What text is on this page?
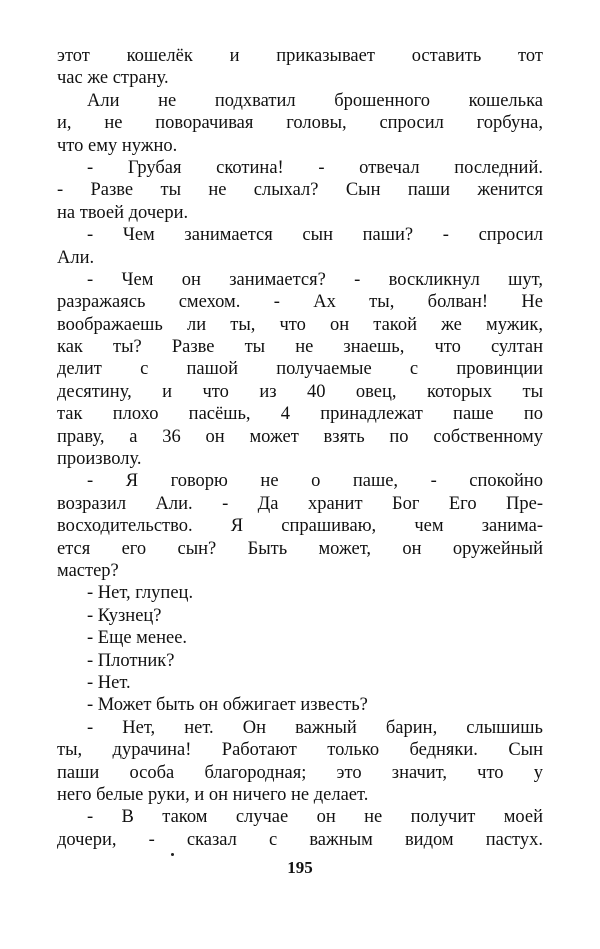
этот кошелёк и приказывает оставить тот
час же страну.
Али не подхватил брошенного кошелька
и, не поворачивая головы, спросил горбуна,
что ему нужно.
- Грубая скотина! - отвечал последний.
- Разве ты не слыхал? Сын паши женится
на твоей дочери.
- Чем занимается сын паши? - спросил
Али.
- Чем он занимается? - воскликнул шут,
разражаясь смехом. - Ах ты, болван! Не
воображаешь ли ты, что он такой же мужик,
как ты? Разве ты не знаешь, что султан
делит с пашой получаемые с провинции
десятину, и что из 40 овец, которых ты
так плохо пасёшь, 4 принадлежат паше по
праву, а 36 он может взять по собственному
произволу.
- Я говорю не о паше, - спокойно
возразил Али. - Да хранит Бог Его Пре-
восходительство. Я спрашиваю, чем занима-
ется его сын? Быть может, он оружейный
мастер?
- Нет, глупец.
- Кузнец?
- Еще менее.
- Плотник?
- Нет.
- Может быть он обжигает известь?
- Нет, нет. Он важный барин, слышишь
ты, дурачина! Работают только бедняки. Сын
паши особа благородная; это значит, что у
него белые руки, и он ничего не делает.
- В таком случае он не получит моей
дочери, - сказал с важным видом пастух.
195
